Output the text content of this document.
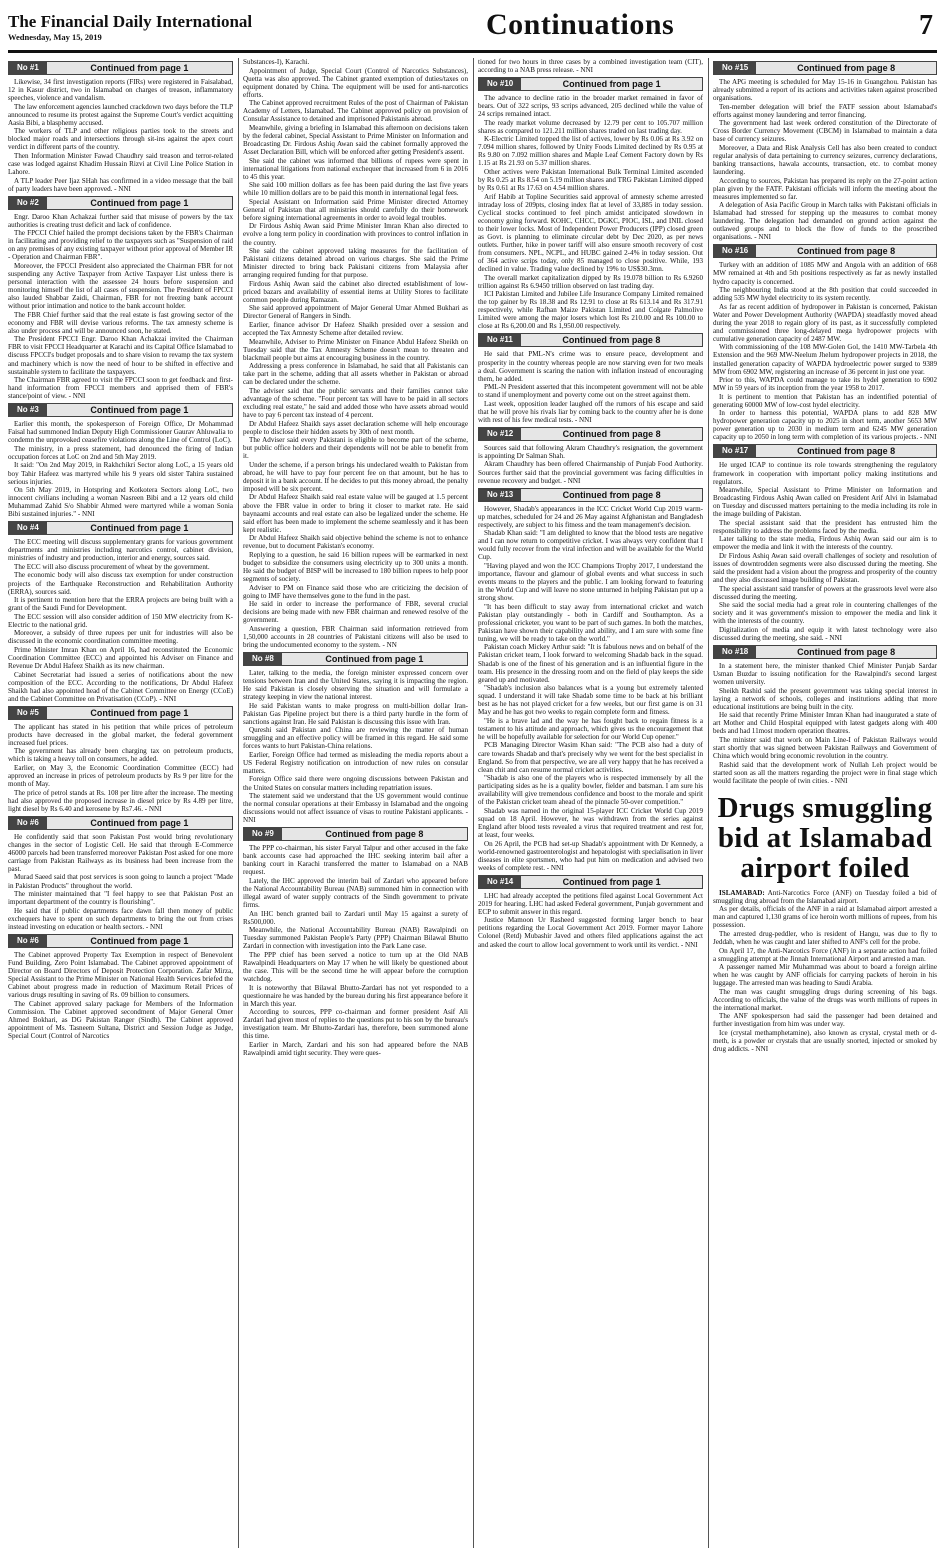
The Financial Daily International
Wednesday, May 15, 2019	Continuations	7
No #1	Continued from page 1

Likewise, 34 first investigation reports (FIRs) were registered in Faisalabad, 12 in Kasur district, two in Islamabad on charges of treason, inflammatory speeches, violence and vandalism.

The law enforcement agencies launched crackdown two days before the TLP announced to resume its protest against the Supreme Court's verdict acquitting Aasia Bibi, a blasphemy accused.

The workers of TLP and other religious parties took to the streets and blocked major roads and intersections through sit-ins against the apex court verdict in different parts of the country.

Then Information Minister Fawad Chaudhry said treason and terror-related case was lodged against Khadim Hussain Rizvi at Civil Line Police Station in Lahore.

A TLP leader Peer Ijaz SHah has confirmed in a video message that the bail of party leaders have been approved. - NNI

No #2	Continued from page 1

Engr. Daroo Khan Achakzai further said that misuse of powers by the tax authorities is creating trust deficit and lack of confidence.

The FPCCI Chief hailed the prompt decisions taken by the FBR's Chairman in facilitating and providing relief to the taxpayers such as "Suspension of raid on any premises of any existing taxpayer without prior approval of Member IR - Operation and Chairman FBR".

Moreover, the FPCCI President also appreciated the Chairman FBR for not suspending any Active Taxpayer from Active Taxpayer List unless there is personal interaction with the assessee 24 hours before suspension and monitoring himself the list of all cases of suspension. The President of FPCCI also lauded Shabbar Zaidi, Chairman, FBR for not freezing bank account without prior intimation and notice to the bank account holder.

The FBR Chief further said that the real estate is fast growing sector of the economy and FBR will devise various reforms. The tax amnesty scheme is also under process and will be announced soon, he stated.

The President FPCCI Engr. Daroo Khan Achakzai invited the Chairman FBR to visit FPCCI Headquarter at Karachi and its Capital Office Islamabad to discuss FPCCI's budget proposals and to share vision to revamp the tax system and machinery which is now the need of hour to be shifted in effective and sustainable system to facilitate the taxpayers.

The Chairman FBR agreed to visit the FPCCI soon to get feedback and first-hand information from FPCCI members and apprised them of FBR's stance/point of view. - NNI

No #3	Continued from page 1

Earlier this month, the spokesperson of Foreign Office, Dr Mohammad Faisal had summoned Indian Deputy High Commissioner Gaurav Ahluwalia to condemn the unprovoked ceasefire violations along the Line of Control (LoC).

The ministry, in a press statement, had denounced the firing of Indian occupation forces at LoC on 2nd and 5th May 2019.

It said: "On 2nd May 2019, in Rakhchikri Sector along LoC, a 15 years old boy Tahir Hafeez was martyred while his 9 years old sister Tahira sustained serious injuries.

On 5th May 2019, in Hotspring and Kotkotera Sectors along LoC, two innocent civilians including a woman Nasreen Bibi and a 12 years old child Muhammad Zahid S/o Shabbir Ahmed were martyred while a woman Sonia Bibi sustained injuries." - NNI

No #4	Continued from page 1

The ECC meeting will discuss supplementary grants for various government departments and ministries including narcotics control, cabinet division, ministries of industry and production, interior and energy, sources said.

The ECC will also discuss procurement of wheat by the government.

The economic body will also discuss tax exemption for under construction projects of the Earthquake Reconstruction and Rehabilitation Authority (ERRA), sources said.

It is pertinent to mention here that the ERRA projects are being built with a grant of the Saudi Fund for Development.

The ECC session will also consider addition of 150 MW electricity from K-Electric to the national grid.

Moreover, a subsidy of three rupees per unit for industries will also be discussed in the economic coordination committee meeting.

Prime Minister Imran Khan on April 16, had reconstituted the Economic Coordination Committee (ECC) and appointed his Adviser on Finance and Revenue Dr Abdul Hafeez Shaikh as its new chairman.

Cabinet Secretariat had issued a series of notifications about the new composition of the ECC. According to the notifications, Dr Abdul Hafeez Shaikh had also appointed head of the Cabinet Committee on Energy (CCoE) and the Cabinet Committee on Privatisation (CCoP). - NNI

No #5	Continued from page 1

The applicant has stated in his petition that while prices of petroleum products have decreased in the global market, the federal government increased fuel prices.

The government has already been charging tax on petroleum products, which is taking a heavy toll on consumers, he added.

Earlier, on May 3, the Economic Coordination Committee (ECC) had approved an increase in prices of petroleum products by Rs 9 per litre for the month of May.

The price of petrol stands at Rs. 108 per litre after the increase. The meeting had also approved the proposed increase in diesel price by Rs 4.89 per litre, light diesel by Rs 6.40 and kerosene by Rs7.46. - NNI

No #6	Continued from page 1

He confidently said that soon Pakistan Post would bring revolutionary changes in the sector of Logistic Cell. He said that through E-Commerce 46000 parcels had been transferred moreover Pakistan Post asked for one more carriage from Pakistan Railways as its business had been increase from the past.

Murad Saeed said that post services is soon going to launch a project "Made in Pakistan Products" throughout the world.

The minister maintained that "I feel happy to see that Pakistan Post an important department of the country is flourishing".

He said that if public departments face dawn fall then money of public exchequers have to spent on such departments to bring the out from crises instead investing on education or health sectors. - NNI

No #6	Continued from page 1

The Cabinet approved Property Tax Exemption in respect of Benevolent Fund Building, Zero Point Islamabad. The Cabinet approved appointment of Director on Board Directors of Deposit Protection Corporation. Zafar Mirza, Special Assistant to the Prime Minister on National Health Services briefed the Cabinet about progress made in reduction of Maximum Retail Prices of various drugs resulting in saving of Rs. 09 billion to consumers.

The Cabinet approved salary package for Members of the Information Commission. The Cabinet approved secondment of Major General Omer Ahmed Bokhari, as DG Pakistan Ranger (Sindh). The Cabinet approved appointment of Ms. Tasneem Sultana, District and Session Judge as Judge, Special Court (Control of Narcotics

Substances-I), Karachi.

Appointment of Judge, Special Court (Control of Narcotics Substances), Quetta was also approved. The Cabinet granted exemption of duties/taxes on equipment donated by China. The equipment will be used for anti-narcotics efforts.

The Cabinet approved recruitment Rules of the post of Chairman of Pakistan Academy of Letters, Islamabad. The Cabinet approved policy on provision of Consular Assistance to detained and imprisoned Pakistanis abroad.

Meanwhile, giving a briefing in Islamabad this afternoon on decisions taken by the federal cabinet, Special Assistant to Prime Minister on Information and Broadcasting Dr. Firdous Ashiq Awan said the cabinet formally approved the Asset Declaration Bill, which will be enforced after getting President's assent.

She said the cabinet was informed that billions of rupees were spent in international litigations from national exchequer that increased from 6 in 2016 to 45 this year.

She said 100 million dollars as fee has been paid during the last five years while 10 million dollars are to be paid this month in international legal fees.

Special Assistant on Information said Prime Minister directed Attorney General of Pakistan that all ministries should carefully do their homework before signing international agreements in order to avoid legal troubles.

Dr Firdous Ashiq Awan said Prime Minister Imran Khan also directed to evolve a long term policy in coordination with provinces to control inflation in the country.

She said the cabinet approved taking measures for the facilitation of Pakistani citizens detained abroad on various charges. She said the Prime Minister directed to bring back Pakistani citizens from Malaysia after arranging required funding for that purpose.

Firdous Ashiq Awan said the cabinet also directed establishment of low-priced bazars and availability of essential items at Utility Stores to facilitate common people during Ramazan.

She said approved appointment of Major General Umar Ahmed Bukhari as Director General of Rangers in Sindh.

Earlier, finance advisor Dr Hafeez Shaikh presided over a session and accepted the Tax Amnesty Scheme after detailed review.

Meanwhile, Adviser to Prime Minister on Finance Abdul Hafeez Sheikh on Tuesday said that the Tax Amnesty Scheme doesn't mean to threaten and blackmail people but aims at encouraging business in the country.

Addressing a press conference in Islamabad, he said that all Pakistanis can take part in the scheme, adding that all assets whether in Pakistan or abroad can be declared under the scheme.

The adviser said that the public servants and their families cannot take advantage of the scheme. "Four percent tax will have to be paid in all sectors excluding real estate," he said and added those who have assets abroad would have to pay 6 percent tax instead of 4 percent.

Dr Abdul Hafeez Shaikh says asset declaration scheme will help encourage people to disclose their hidden assets by 30th of next month.

The Adviser said every Pakistani is eligible to become part of the scheme, but public office holders and their dependents will not be able to benefit from it.

Under the scheme, if a person brings his undeclared wealth to Pakistan from abroad, he will have to pay four percent fee on that amount, but he has to deposit it in a bank account. If he decides to put this money abroad, the penalty imposed will be six percent.

Dr Abdul Hafeez Shaikh said real estate value will be gauged at 1.5 percent above the FBR value in order to bring it closer to market rate. He said baynaami accounts and real estate can also be legalized under the scheme. He said effort has been made to implement the scheme seamlessly and it has been kept realistic.

Dr Abdul Hafeez Shaikh said objective behind the scheme is not to enhance revenue, but to document Pakistan's economy.

Replying to a question, he said 16 billion rupees will be earmarked in next budget to subsidize the consumers using electricity up to 300 units a month. He said the budget of BISP will be increased to 180 billion rupees to help poor segments of society.

Adviser to PM on Finance said those who are criticizing the decision of going to IMF have themselves gone to the fund in the past.

He said in order to increase the performance of FBR, several crucial decisions are being made with new FBR chairman and renewed resolve of the government.

Answering a question, FBR Chairman said information retrieved from 1,50,000 accounts in 28 countries of Pakistani citizens will also be used to bring the undocumented economy to the system. - NN

No #8	Continued from page 1

Later, talking to the media, the foreign minister expressed concern over tensions between Iran and the United States, saying it is impacting the region. He said Pakistan is closely observing the situation and will formulate a strategy keeping in view the national interest.

He said Pakistan wants to make progress on multi-billion dollar Iran-Pakistan Gas Pipeline project but there is a third party hurdle in the form of sanctions against Iran. He said Pakistan is discussing this issue with Iran.

Qureshi said Pakistan and China are reviewing the matter of human smuggling and an effective policy will be framed in this regard. He said some forces wants to hurt Pakistan-China relations.

Earlier, Foreign Office had termed as misleading the media reports about a US Federal Registry notification on introduction of new rules on consular matters.

Foreign Office said there were ongoing discussions between Pakistan and the United States on consular matters including repatriation issues.

The statement said we understand that the US government would continue the normal consular operations at their Embassy in Islamabad and the ongoing discussions would not affect issuance of visas to routine Pakistani applicants. - NNI

No #9	Continued from page 8

The PPP co-chairman, his sister Faryal Talpur and other accused in the fake bank accounts case had approached the IHC seeking interim bail after a banking court in Karachi transferred the matter to Islamabad on a NAB request.

Lately, the IHC approved the interim bail of Zardari who appeared before the National Accountability Bureau (NAB) summoned him in connection with illegal award of water supply contracts of the Sindh government to private firms.

An IHC bench granted bail to Zardari until May 15 against a surety of Rs500,000.

Meanwhile, the National Accountability Bureau (NAB) Rawalpindi on Tuesday summoned Pakistan People's Party (PPP) Chairman Bilawal Bhutto Zardari in connection with investigation into the Park Lane case.

The PPP chief has been served a notice to turn up at the Old NAB Rawalpindi Headquarters on May 17 when he will likely be questioned about the case. This will be the second time he will appear before the corruption watchdog.

It is noteworthy that Bilawal Bhutto-Zardari has not yet responded to a questionnaire he was handed by the bureau during his first appearance before it in March this year.

According to sources, PPP co-chairman and former president Asif Ali Zardari had given most of replies to the questions put to his son by the bureau's investigation team. Mr Bhutto-Zardari has, therefore, been summoned alone this time.

Earlier in March, Zardari and his son had appeared before the NAB Rawalpindi amid tight security. They were ques-

tioned for two hours in three cases by a combined investigation team (CIT), according to a NAB press release. - NNI

No #10	Continued from page 1

The advance to decline ratio in the broader market remained in favor of bears. Out of 322 scrips, 93 scrips advanced, 205 declined while the value of 24 scrips remained intact.

The ready market volume decreased by 12.79 per cent to 105.707 million shares as compared to 121.211 million shares traded on last trading day.

K-Electric Limited topped the list of actives, lower by Rs 0.06 at Rs 3.92 on 7.094 million shares, followed by Unity Foods Limited declined by Rs 0.95 at Rs 9.80 on 7.092 million shares and Maple Leaf Cement Factory down by Rs 1.15 at Rs 21.93 on 5.37 million shares.

Other actives were Pakistan International Bulk Terminal Limited ascended by Rs 0.25 at Rs 8.54 on 5.19 million shares and TRG Pakistan Limited dipped by Rs 0.61 at Rs 17.63 on 4.54 million shares.

Arif Habib at Topline Securities said approval of amnesty scheme arrested intraday loss of 209pts, closing index flat at level of 33,885 in today session. Cyclical stocks continued to feel pinch amidst anticipated slowdown in economy going forward. KOHC, CHCC, DGKC, PIOC, ISL, and INIL closed to their lower locks. Most of Independent Power Producers (IPP) closed green as Govt. is planning to eliminate circular debt by Dec 2020, as per news outlets. Further, hike in power tariff will also ensure smooth recovery of cost from consumers. NPL, NCPL, and HUBC gained 2-4% in today session. Out of 364 active scrips today, only 85 managed to close positive. While, 193 declined in value. Trading value declined by 19% to US$30.3mn.

The overall market capitalization dipped by Rs 19.078 billion to Rs 6.9260 trillion against Rs 6.9450 trillion observed on last trading day.

ICI Pakistan Limited and Jubilee Life Insurance Company Limited remained the top gainer by Rs 18.38 and Rs 12.91 to close at Rs 613.14 and Rs 317.91 respectively, while Rafhan Maize Pakistan Limited and Colgate Palmolive Limited were among the major losers which lost Rs 210.00 and Rs 100.00 to close at Rs 6,200.00 and Rs 1,950.00 respectively.

No #11	Continued from page 8

He said that PML-N's crime was to ensure peace, development and prosperity in the country whereas people are now starving even for two meals a deal. Government is scaring the nation with inflation instead of encouraging them, he added.

PML-N President asserted that this incompetent government will not be able to stand if unemployment and poverty come out on the street against them.

Last week, opposition leader laughed off the rumors of his escape and said that he will prove his rivals liar by coming back to the country after he is done with rest of his few medical tests. - NNI

No #12	Continued from page 8

Sources said that following Akram Chaudhry's resignation, the government is appointing Dr Salman Shah.

Akram Chaudhry has been offered Chairmanship of Punjab Food Authority. Sources further said that the provincial government was facing difficulties in revenue recovery and budget. - NNI

No #13	Continued from page 8

However, Shadab's appearances in the ICC Cricket World Cup 2019 warm-up matches, scheduled for 24 and 26 May against Afghanistan and Bangladesh respectively, are subject to his fitness and the team management's decision.

Shadab Khan said: "I am delighted to know that the blood tests are negative and I can now return to competitive cricket. I was always very confident that I would fully recover from the viral infection and will be available for the World Cup.

"Having played and won the ICC Champions Trophy 2017, I understand the importance, flavour and glamour of global events and what success in such events means to the players and the public. I am looking forward to featuring in the World Cup and will leave no stone unturned in helping Pakistan put up a strong show.

"It has been difficult to stay away from international cricket and watch Pakistan play outstandingly - both in Cardiff and Southampton. As a professional cricketer, you want to be part of such games. In both the matches, Pakistan have shown their capability and ability, and I am sure with some fine tuning, we will be ready to take on the world."

Pakistan coach Mickey Arthur said: "It is fabulous news and on behalf of the Pakistan cricket team, I look forward to welcoming Shadab back in the squad. Shadab is one of the finest of his generation and is an influential figure in the team. His presence in the dressing room and on the field of play keeps the side geared up and motivated.

"Shadab's inclusion also balances what is a young but extremely talented squad. I understand it will take Shadab some time to be back at his brilliant best as he has not played cricket for a few weeks, but our first game is on 31 May and he has got two weeks to regain complete form and fitness.

"He is a brave lad and the way he has fought back to regain fitness is a testament to his attitude and approach, which gives us the encouragement that he will be hopefully available for selection for our World Cup opener."

PCB Managing Director Wasim Khan said: "The PCB also had a duty of care towards Shadab and that's precisely why we went for the best specialist in England. So from that perspective, we are all very happy that he has received a clean chit and can resume normal cricket activities.

"Shadab is also one of the players who is respected immensely by all the participating sides as he is a quality bowler, fielder and batsman. I am sure his availability will give tremendous confidence and boost to the morale and spirit of the Pakistan cricket team ahead of the pinnacle 50-over competition."

Shadab was named in the original 15-player ICC Cricket World Cup 2019 squad on 18 April. However, he was withdrawn from the series against England after blood tests revealed a virus that required treatment and rest for, at least, four weeks.

On 26 April, the PCB had set-up Shadab's appointment with Dr Kennedy, a world-renowned gastroenterologist and hepatologist with specialisation in liver diseases in elite sportsmen, who had put him on medication and advised two weeks of complete rest. - NNI

No #14	Continued from page 1

LHC had already accepted the petitions filed against Local Government Act 2019 for hearing. LHC had asked Federal government, Punjab government and ECP to submit answer in this regard.

Justice Mamoon Ur Rasheed suggested forming larger bench to hear petitions regarding the Local Government Act 2019. Former mayor Lahore Colonel (Retd) Mubashir Javed and others filed applications against the act and asked the court to allow local government to work until its verdict. - NNI

No #15	Continued from page 8

The APG meeting is scheduled for May 15-16 in Guangzhou. Pakistan has already submitted a report of its actions and activities taken against proscribed organisations.

Ten-member delegation will brief the FATF session about Islamabad's efforts against money laundering and terror financing.

The government had last week ordered constitution of the Directorate of Cross Border Currency Movement (CBCM) in Islamabad to maintain a data base of currency seizures.

Moreover, a Data and Risk Analysis Cell has also been created to conduct regular analysis of data pertaining to currency seizures, currency declarations, banking transactions, hawala accounts, transaction, etc. to combat money laundering.

According to sources, Pakistan has prepared its reply on the 27-point action plan given by the FATF. Pakistani officials will inform the meeting about the measures implemented so far.

A delegation of Asia Pacific Group in March talks with Pakistani officials in Islamabad had stressed for stepping up the measures to combat money laundering. The delegation had demanded on ground action against the outlawed groups and to block the flow of funds to the proscribed organisations. - NNI

No #16	Continued from page 8

Turkey with an addition of 1085 MW and Angola with an addition of 668 MW remained at 4th and 5th positions respectively as far as newly installed hydro capacity is concerned.

The neighbouring India stood at the 8th position that could succeeded in adding 535 MW hydel electricity to its system recently.

As far as recent addition of hydropower in Pakistan is concerned, Pakistan Water and Power Development Authority (WAPDA) steadfastly moved ahead during the year 2018 to regain glory of its past, as it successfully completed and commissioned three long-delayed mega hydropower projects with cumulative generation capacity of 2487 MW.

With commissioning of the 108 MW-Golen Gol, the 1410 MW-Tarbela 4th Extension and the 969 MW-Neelum Jhelum hydropower projects in 2018, the installed generation capacity of WAPDA hydroelectric power surged to 9389 MW from 6902 MW, registering an increase of 36 percent in just one year.

Prior to this, WAPDA could manage to take its hydel generation to 6902 MW in 59 years of its inception from the year 1958 to 2017.

It is pertinent to mention that Pakistan has an indentified potential of generating 60000 MW of low-cost hydel electricity.

In order to harness this potential, WAPDA plans to add 828 MW hydropower generation capacity up to 2025 in short term, another 5653 MW power generation up to 2030 in medium term and 6245 MW generation capacity up to 2050 in long term with completion of its various projects. - NNI

No #17	Continued from page 8

He urged ICAP to continue its role towards strengthening the regulatory framework in cooperation with important policy making institutions and regulators.

Meanwhile, Special Assistant to Prime Minister on Information and Broadcasting Firdous Ashiq Awan called on President Arif Alvi in Islamabad on Tuesday and discussed matters pertaining to the media including its role in the image building of Pakistan.

The special assistant said that the president has entrusted him the responsibility to address the problems faced by the media.

Later talking to the state media, Firdous Ashiq Awan said our aim is to empower the media and link it with the interests of the country.

Dr Firdous Ashiq Awan said overall challenges of society and resolution of issues of downtrodden segments were also discussed during the meeting. She said the president had a vision about the progress and prosperity of the country and they also discussed image building of Pakistan.

The special assistant said transfer of powers at the grassroots level were also discussed during the meeting.

She said the social media had a great role in countering challenges of the society and it was government's mission to empower the media and link it with the interests of the country.

Digitalization of media and equip it with latest technology were also discussed during the meeting, she said. - NNI

No #18	Continued from page 8

In a statement here, the minister thanked Chief Minister Punjab Sardar Usman Buzdar to issuing notification for the Rawalpindi's second largest women university.

Sheikh Rashid said the present government was taking special interest in laying a network of schools, colleges and institutions adding that more educational institutions are being built in the city.

He said that recently Prime Minister Imran Khan had inaugurated a state of art Mother and Child Hospital equipped with latest gadgets along with 400 beds and had 11most modern operation theatres.

The minister said that work on Main Line-I of Pakistan Railways would start shortly that was signed between Pakistan Railways and Government of China which would bring economic revolution in the country.

Rashid said that the development work of Nullah Leh project would be started soon as all the matters regarding the project were in final stage which would facilitate the people of twin cities. - NNI

Drugs smuggling bid at Islamabad airport foiled

ISLAMABAD: Anti-Narcotics Force (ANF) on Tuesday foiled a bid of smuggling drug abroad from the Islamabad airport.

As per details, officials of the ANF in a raid at Islamabad airport arrested a man and captured 1,130 grams of ice heroin worth millions of rupees, from his possession.

The arrested drug-peddler, who is resident of Hangu, was due to fly to Jeddah, when he was caught and later shifted to ANF's cell for the probe.

On April 17, the Anti-Narcotics Force (ANF) in a separate action had foiled a smuggling attempt at the Jinnah International Airport and arrested a man.

A passenger named Mir Muhammad was about to board a foreign airline when he was caught by ANF officials for carrying packets of heroin in his luggage. The arrested man was heading to Saudi Arabia.

The man was caught smuggling drugs during screening of his bags. According to officials, the value of the drugs was worth millions of rupees in the international market.

The ANF spokesperson had said the passenger had been detained and further investigation from him was under way.

Ice (crystal methamphetamine), also known as crystal, crystal meth or d-meth, is a powder or crystals that are usually snorted, injected or smoked by drug addicts. - NNI
